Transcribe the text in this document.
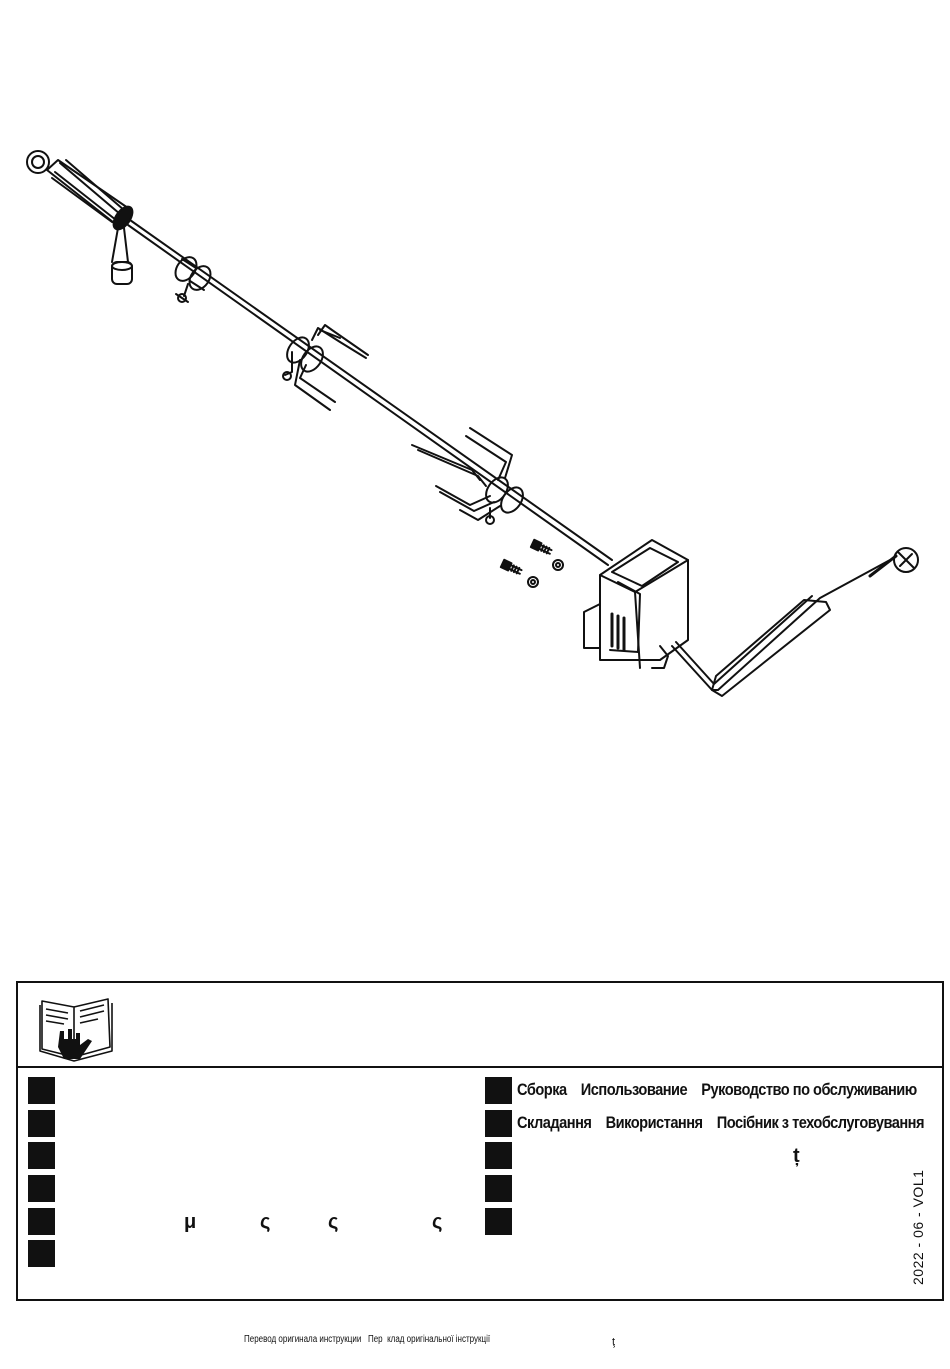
Сборка Использование Руководство по обслуживанию
Складання Використання Посібник з техобслуговування
ț
μ	ς	ς	ς	2022 - 06 - VOL1
Перевод оригинала инструкции Пер клад оригінальної інструкції	ţ
